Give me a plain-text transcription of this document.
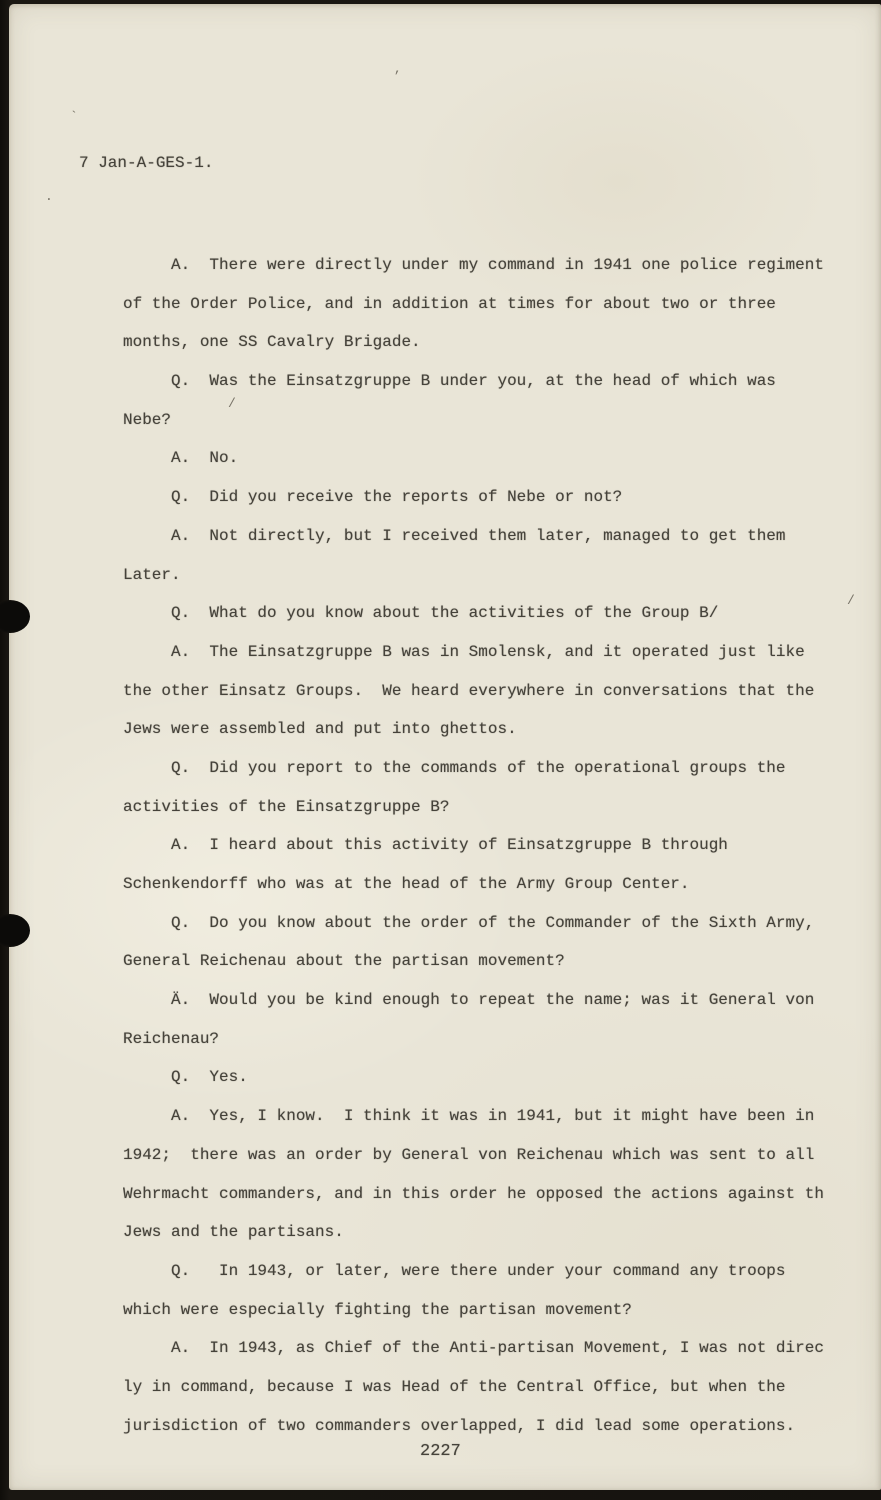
’
`
.
/
/
7 Jan-A-GES-1.
A.  There were directly under my command in 1941 one police regiment
of the Order Police, and in addition at times for about two or three
months, one SS Cavalry Brigade.
Q.  Was the Einsatzgruppe B under you, at the head of which was
Nebe?
A.  No.
Q.  Did you receive the reports of Nebe or not?
A.  Not directly, but I received them later, managed to get them
Later.
Q.  What do you know about the activities of the Group B/
A.  The Einsatzgruppe B was in Smolensk, and it operated just like
the other Einsatz Groups.  We heard everywhere in conversations that the
Jews were assembled and put into ghettos.
Q.  Did you report to the commands of the operational groups the
activities of the Einsatzgruppe B?
A.  I heard about this activity of Einsatzgruppe B through
Schenkendorff who was at the head of the Army Group Center.
Q.  Do you know about the order of the Commander of the Sixth Army,
General Reichenau about the partisan movement?
Ä.  Would you be kind enough to repeat the name; was it General von
Reichenau?
Q.  Yes.
A.  Yes, I know.  I think it was in 1941, but it might have been in
1942;  there was an order by General von Reichenau which was sent to all
Wehrmacht commanders, and in this order he opposed the actions against th
Jews and the partisans.
Q.   In 1943, or later, were there under your command any troops
which were especially fighting the partisan movement?
A.  In 1943, as Chief of the Anti-partisan Movement, I was not direc
ly in command, because I was Head of the Central Office, but when the
jurisdiction of two commanders overlapped, I did lead some operations.
2227
